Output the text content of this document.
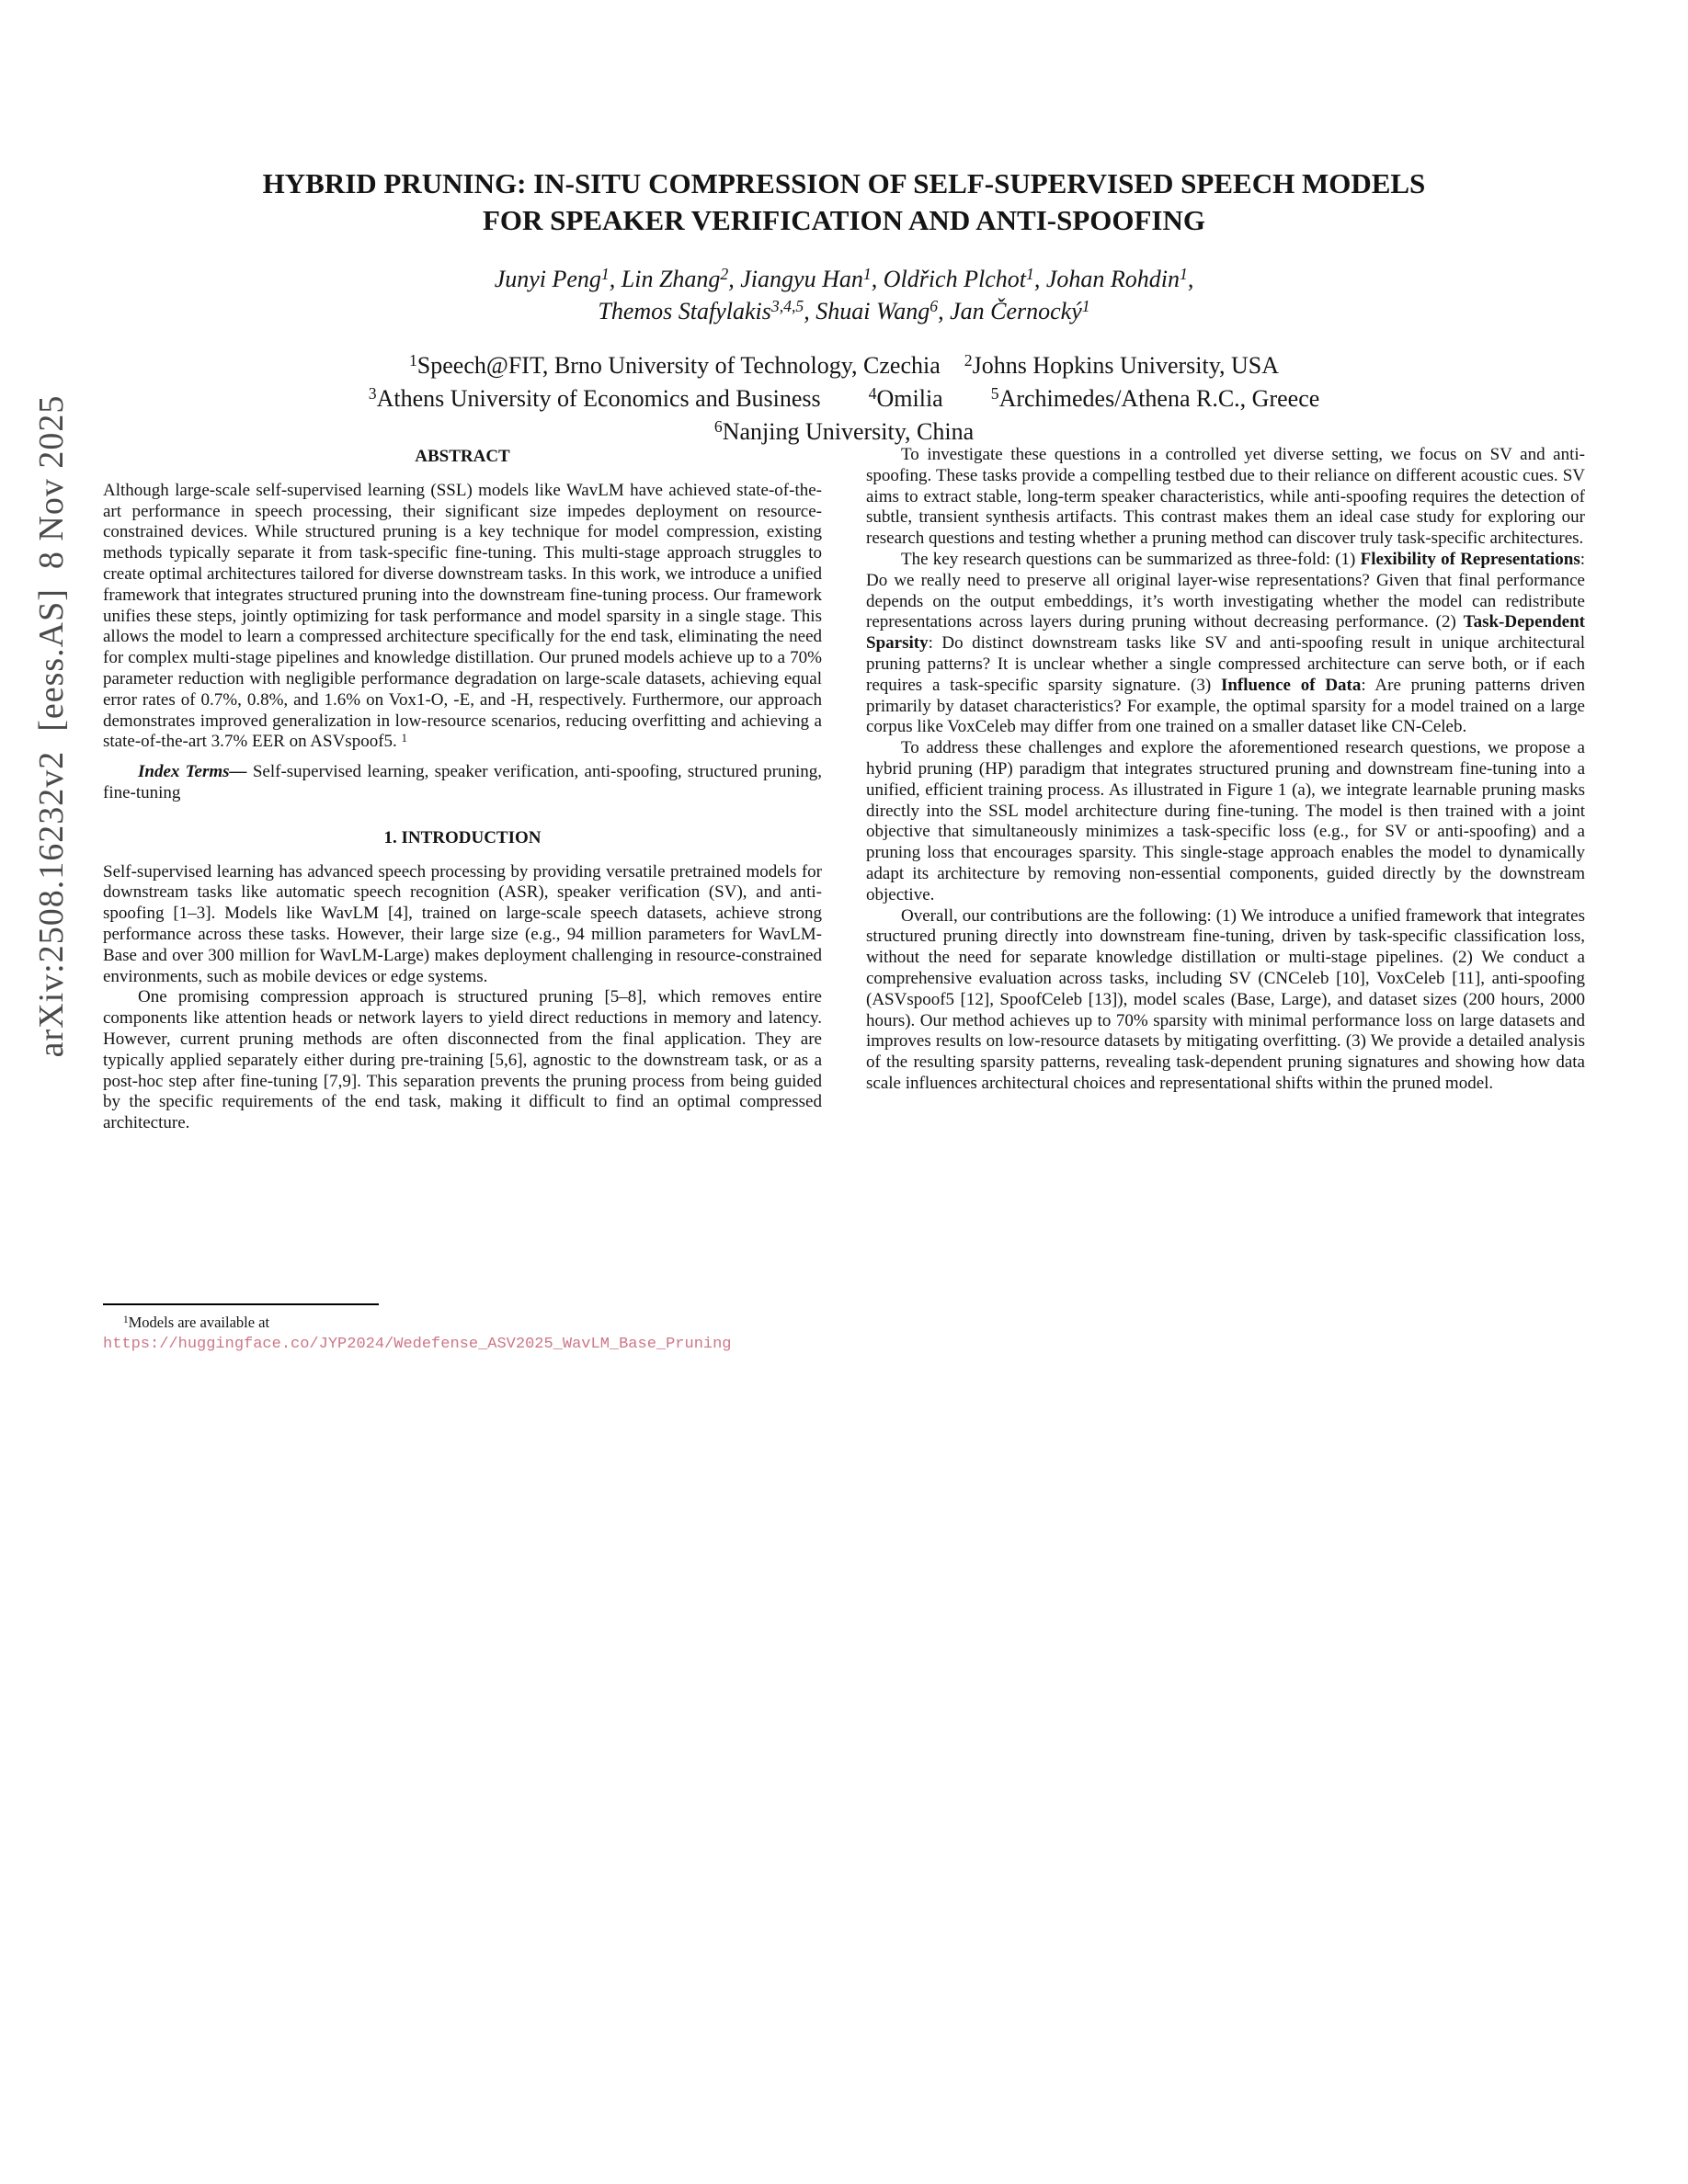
arXiv:2508.16232v2  [eess.AS]  8 Nov 2025
HYBRID PRUNING: IN-SITU COMPRESSION OF SELF-SUPERVISED SPEECH MODELS
FOR SPEAKER VERIFICATION AND ANTI-SPOOFING
Junyi Peng$^1$, Lin Zhang$^2$, Jiangyu Han$^1$, Oldřich Plchot$^1$, Johan Rohdin$^1$,
Themos Stafylakis$^{3,4,5}$, Shuai Wang$^6$, Jan Černocký$^1$
$^1$Speech@FIT, Brno University of Technology, Czechia $^2$Johns Hopkins University, USA
$^3$Athens University of Economics and Business  $^4$Omilia  $^5$Archimedes/Athena R.C., Greece
$^6$Nanjing University, China
ABSTRACT

Although large-scale self-supervised learning (SSL) models like WavLM have achieved state-of-the-art performance in speech processing, their significant size impedes deployment on resource-constrained devices. While structured pruning is a key technique for model compression, existing methods typically separate it from task-specific fine-tuning. This multi-stage approach struggles to create optimal architectures tailored for diverse downstream tasks. In this work, we introduce a unified framework that integrates structured pruning into the downstream fine-tuning process. Our framework unifies these steps, jointly optimizing for task performance and model sparsity in a single stage. This allows the model to learn a compressed architecture specifically for the end task, eliminating the need for complex multi-stage pipelines and knowledge distillation. Our pruned models achieve up to a 70% parameter reduction with negligible performance degradation on large-scale datasets, achieving equal error rates of 0.7%, 0.8%, and 1.6% on Vox1-O, -E, and -H, respectively. Furthermore, our approach demonstrates improved generalization in low-resource scenarios, reducing overfitting and achieving a state-of-the-art 3.7% EER on ASVspoof5. $^1$

Index Terms— Self-supervised learning, speaker verification, anti-spoofing, structured pruning, fine-tuning

1. INTRODUCTION

Self-supervised learning has advanced speech processing by providing versatile pretrained models for downstream tasks like automatic speech recognition (ASR), speaker verification (SV), and anti-spoofing [1–3]. Models like WavLM [4], trained on large-scale speech datasets, achieve strong performance across these tasks. However, their large size (e.g., 94 million parameters for WavLM-Base and over 300 million for WavLM-Large) makes deployment challenging in resource-constrained environments, such as mobile devices or edge systems.

One promising compression approach is structured pruning [5–8], which removes entire components like attention heads or network layers to yield direct reductions in memory and latency. However, current pruning methods are often disconnected from the final application. They are typically applied separately either during pre-training [5,6], agnostic to the downstream task, or as a post-hoc step after fine-tuning [7,9]. This separation prevents the pruning process from being guided by the specific requirements of the end task, making it difficult to find an optimal compressed architecture.

$^1$Models are available at https://huggingface.co/JYP2024/Wedefense_ASV2025_WavLM_Base_Pruning

To investigate these questions in a controlled yet diverse setting, we focus on SV and anti-spoofing. These tasks provide a compelling testbed due to their reliance on different acoustic cues. SV aims to extract stable, long-term speaker characteristics, while anti-spoofing requires the detection of subtle, transient synthesis artifacts. This contrast makes them an ideal case study for exploring our research questions and testing whether a pruning method can discover truly task-specific architectures.

The key research questions can be summarized as three-fold: (1) Flexibility of Representations: Do we really need to preserve all original layer-wise representations? Given that final performance depends on the output embeddings, it’s worth investigating whether the model can redistribute representations across layers during pruning without decreasing performance. (2) Task-Dependent Sparsity: Do distinct downstream tasks like SV and anti-spoofing result in unique architectural pruning patterns? It is unclear whether a single compressed architecture can serve both, or if each requires a task-specific sparsity signature. (3) Influence of Data: Are pruning patterns driven primarily by dataset characteristics? For example, the optimal sparsity for a model trained on a large corpus like VoxCeleb may differ from one trained on a smaller dataset like CN-Celeb.

To address these challenges and explore the aforementioned research questions, we propose a hybrid pruning (HP) paradigm that integrates structured pruning and downstream fine-tuning into a unified, efficient training process. As illustrated in Figure 1 (a), we integrate learnable pruning masks directly into the SSL model architecture during fine-tuning. The model is then trained with a joint objective that simultaneously minimizes a task-specific loss (e.g., for SV or anti-spoofing) and a pruning loss that encourages sparsity. This single-stage approach enables the model to dynamically adapt its architecture by removing non-essential components, guided directly by the downstream objective.

Overall, our contributions are the following: (1) We introduce a unified framework that integrates structured pruning directly into downstream fine-tuning, driven by task-specific classification loss, without the need for separate knowledge distillation or multi-stage pipelines. (2) We conduct a comprehensive evaluation across tasks, including SV (CNCeleb [10], VoxCeleb [11], anti-spoofing (ASVspoof5 [12], SpoofCeleb [13]), model scales (Base, Large), and dataset sizes (200 hours, 2000 hours). Our method achieves up to 70% sparsity with minimal performance loss on large datasets and improves results on low-resource datasets by mitigating overfitting. (3) We provide a detailed analysis of the resulting sparsity patterns, revealing task-dependent pruning signatures and showing how data scale influences architectural choices and representational shifts within the pruned model.
